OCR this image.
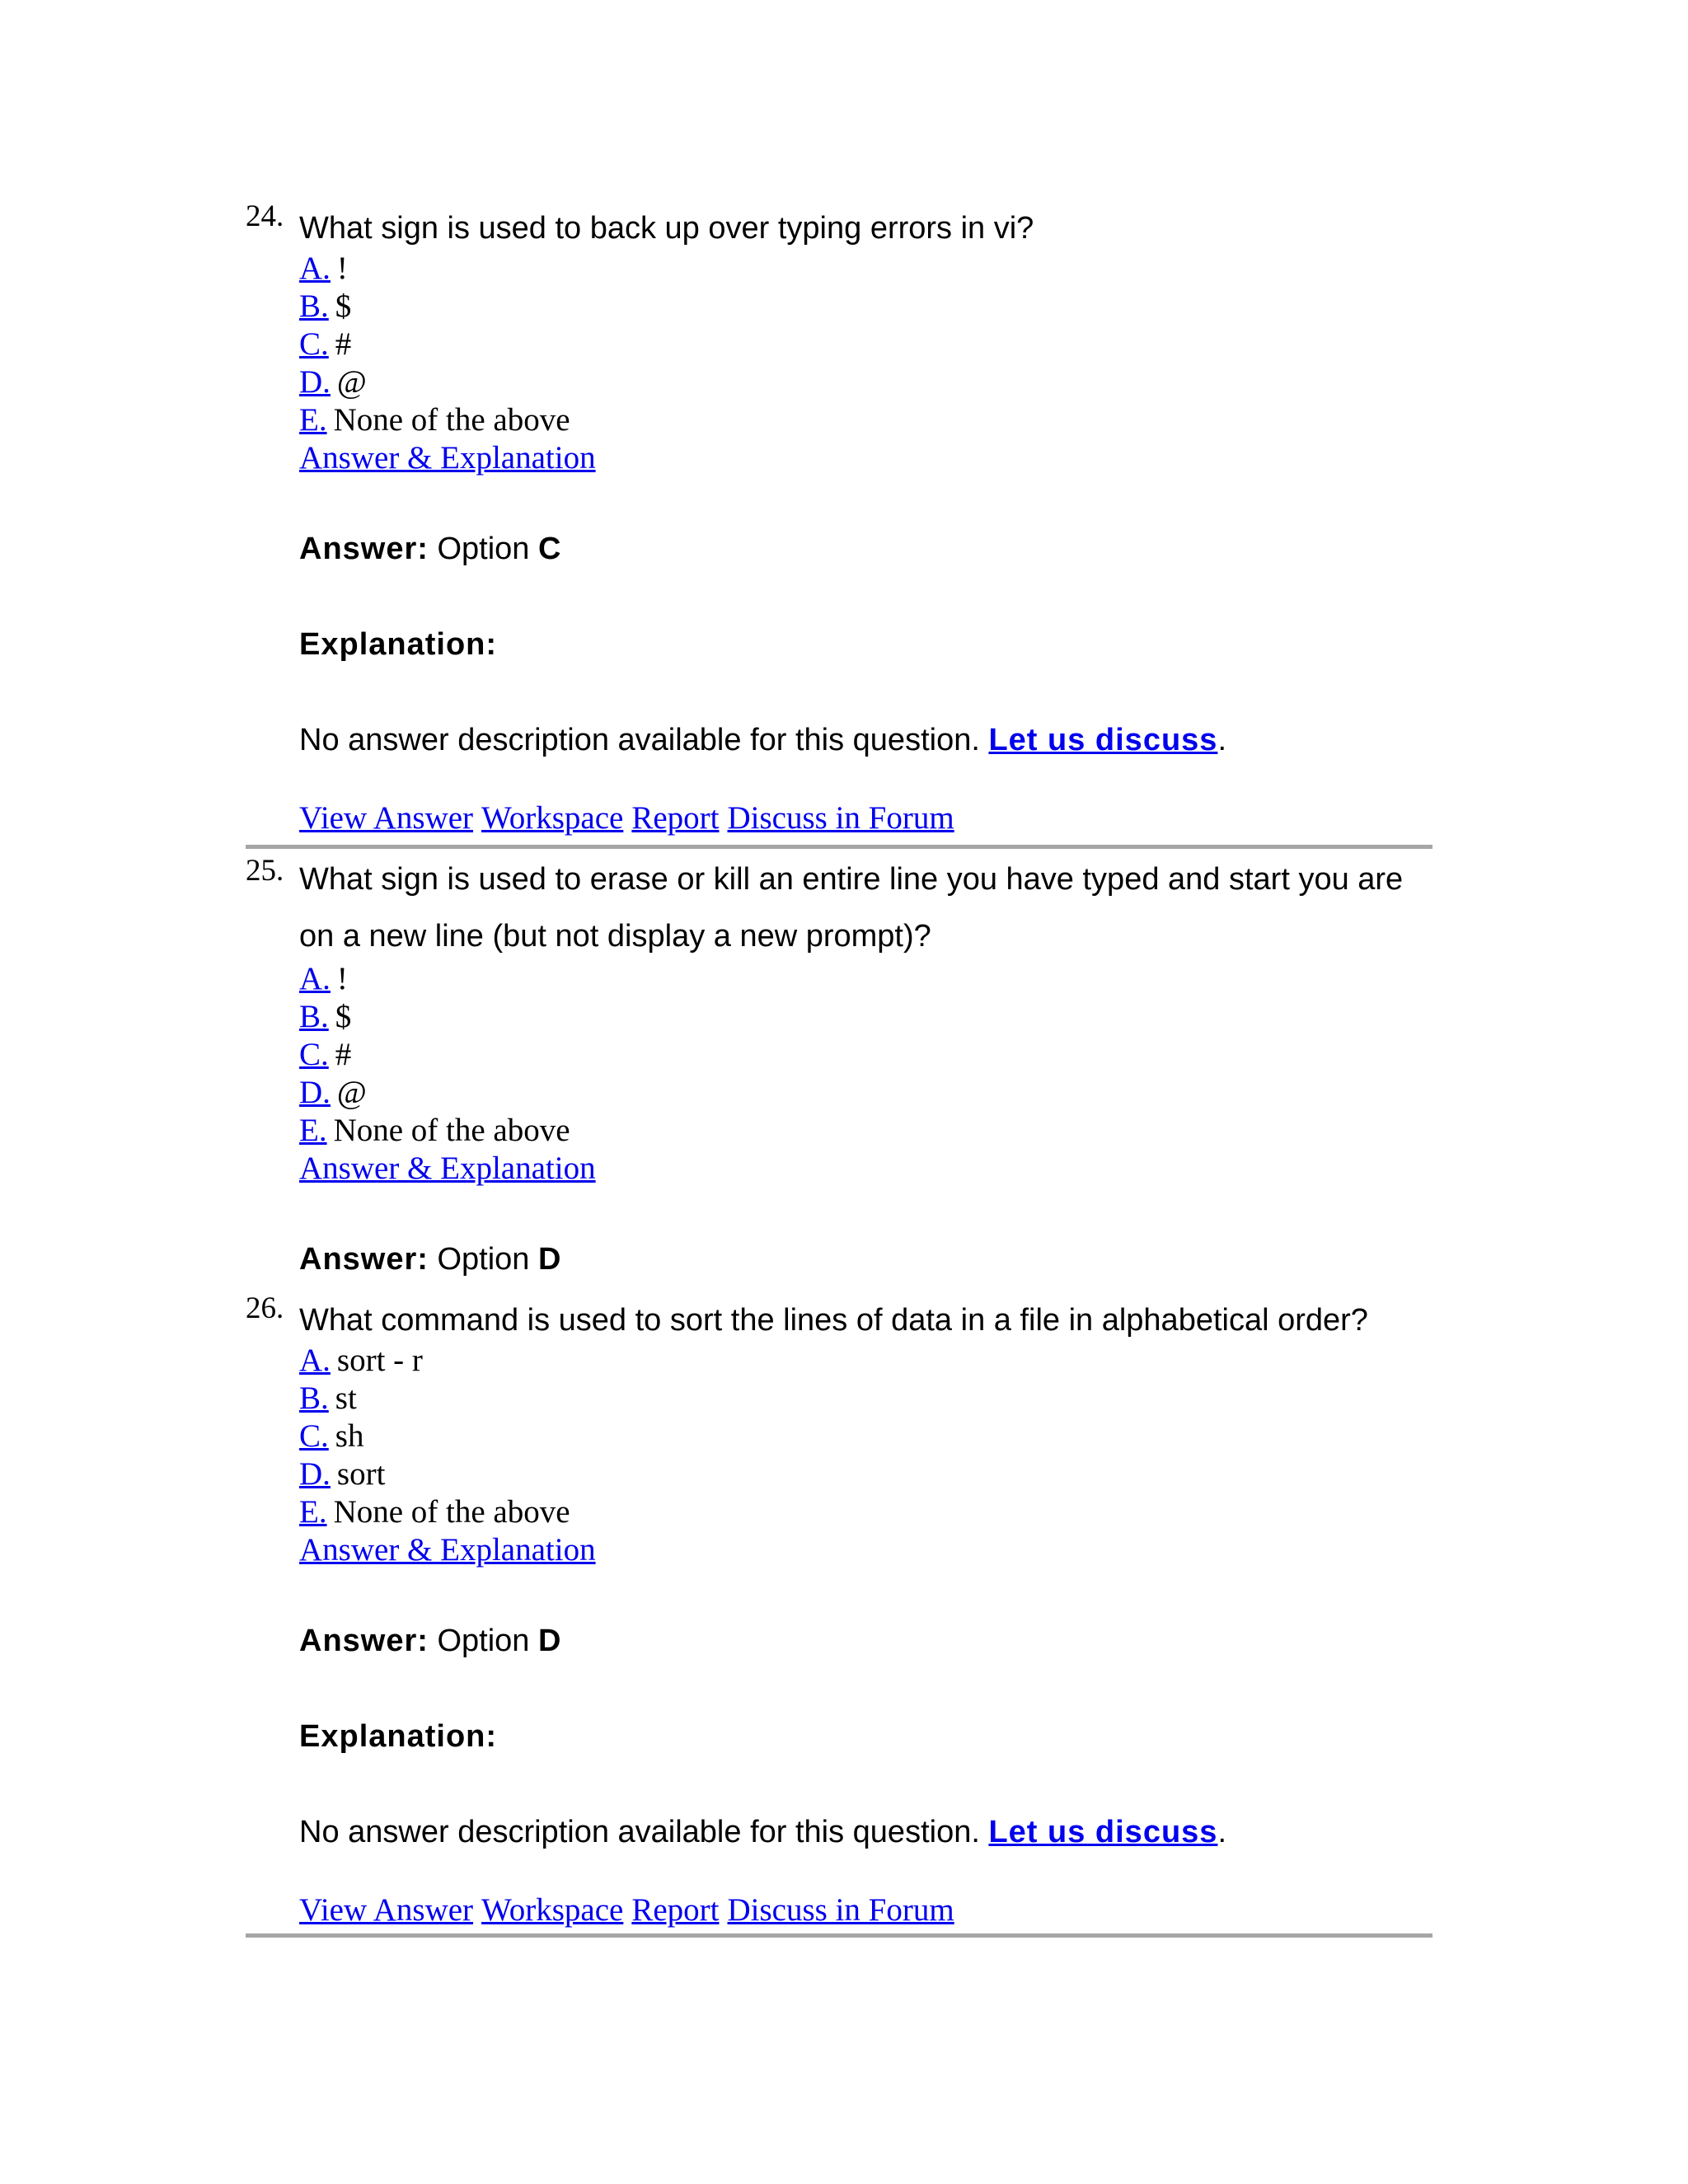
24. What sign is used to back up over typing errors in vi?
A. !
B. $
C. #
D. @
E. None of the above
Answer & Explanation
Answer: Option C
Explanation:
No answer description available for this question. Let us discuss.
View Answer Workspace Report Discuss in Forum
25. What sign is used to erase or kill an entire line you have typed and start you are on a new line (but not display a new prompt)?
A. !
B. $
C. #
D. @
E. None of the above
Answer & Explanation
Answer: Option D
26. What command is used to sort the lines of data in a file in alphabetical order?
A. sort - r
B. st
C. sh
D. sort
E. None of the above
Answer & Explanation
Answer: Option D
Explanation:
No answer description available for this question. Let us discuss.
View Answer Workspace Report Discuss in Forum
